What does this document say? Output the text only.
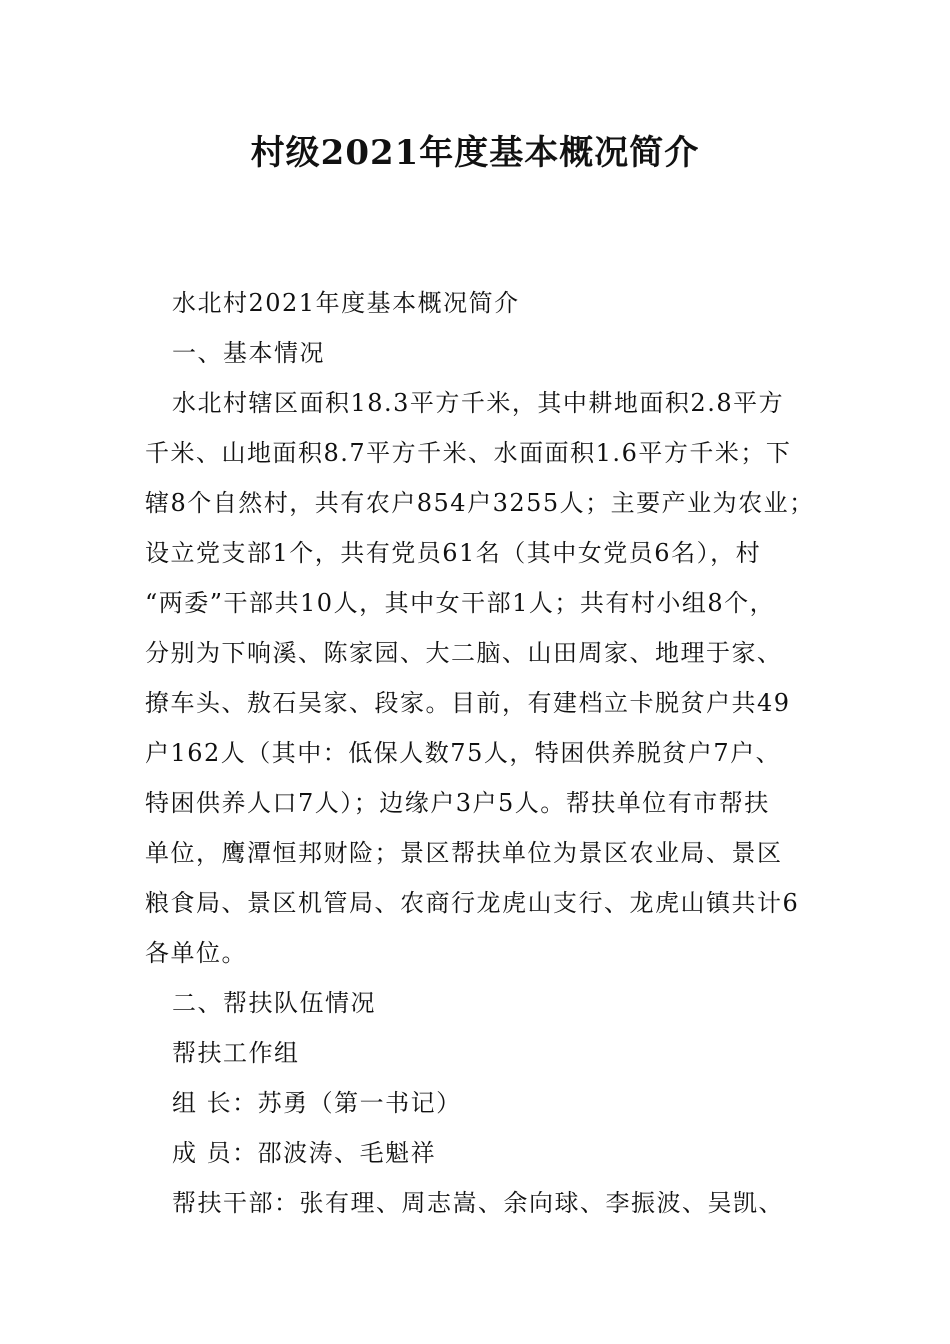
村级2021年度基本概况简介
水北村2021年度基本概况简介
一、基本情况
水北村辖区面积18.3平方千米，其中耕地面积2.8平方
千米、山地面积8.7平方千米、水面面积1.6平方千米；下
辖8个自然村，共有农户854户3255人；主要产业为农业；
设立党支部1个，共有党员61名（其中女党员6名），村
“两委”干部共10人，其中女干部1人；共有村小组8个，
分别为下响溪、陈家园、大二脑、山田周家、地理于家、
撩车头、敖石吴家、段家。目前，有建档立卡脱贫户共49
户162人（其中：低保人数75人，特困供养脱贫户7户、
特困供养人口7人）；边缘户3户5人。帮扶单位有市帮扶
单位，鹰潭恒邦财险；景区帮扶单位为景区农业局、景区
粮食局、景区机管局、农商行龙虎山支行、龙虎山镇共计6
各单位。
二、帮扶队伍情况
帮扶工作组
组 长：苏勇（第一书记）
成 员：邵波涛、毛魁祥
帮扶干部：张有理、周志嵩、余向球、李振波、吴凯、
